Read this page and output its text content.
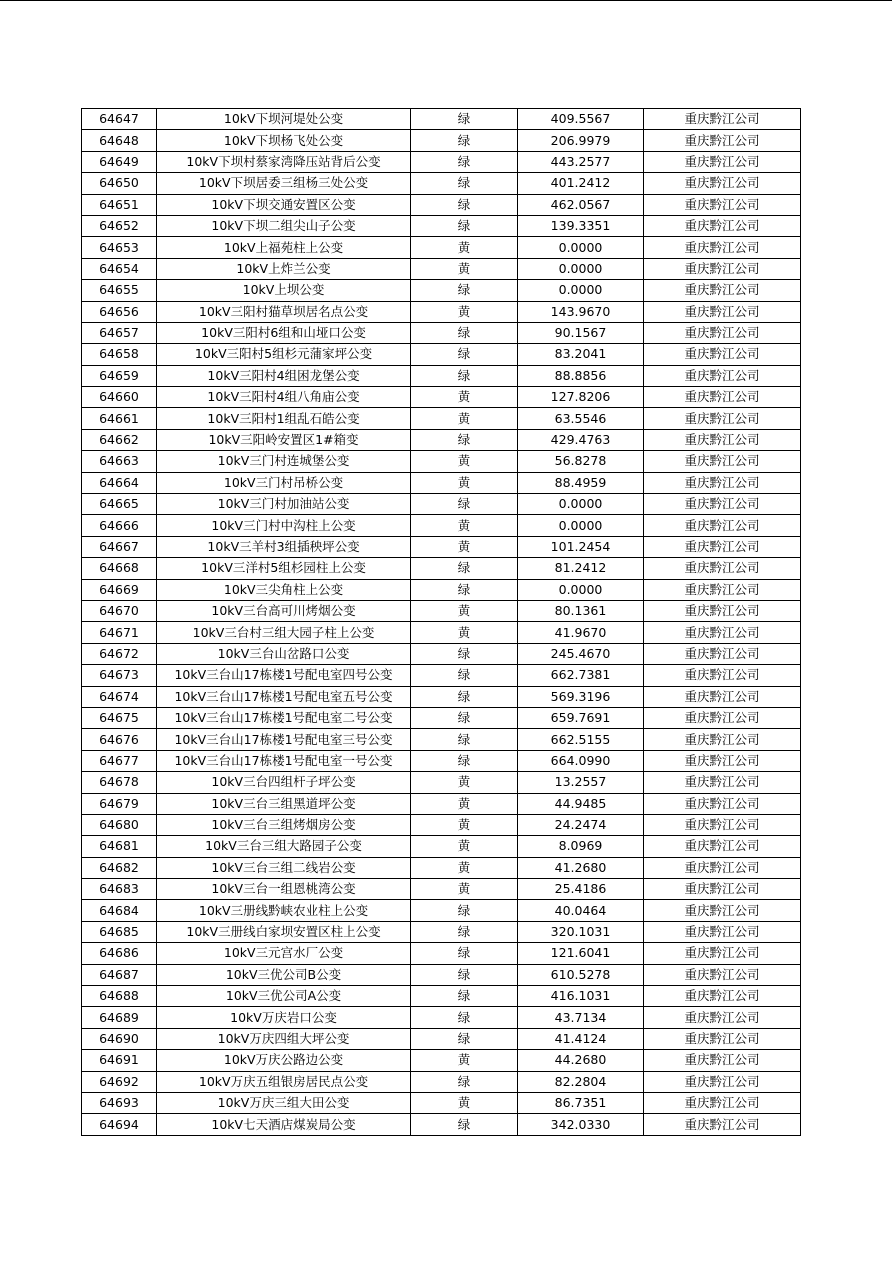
64647	10kV下坝河堤处公变	绿	409.5567	重庆黔江公司
64648	10kV下坝杨飞处公变	绿	206.9979	重庆黔江公司
64649	10kV下坝村蔡家湾降压站背后公变	绿	443.2577	重庆黔江公司
64650	10kV下坝居委三组杨三处公变	绿	401.2412	重庆黔江公司
64651	10kV下坝交通安置区公变	绿	462.0567	重庆黔江公司
64652	10kV下坝二组尖山子公变	绿	139.3351	重庆黔江公司
64653	10kV上福苑柱上公变	黄	0.0000	重庆黔江公司
64654	10kV上炸兰公变	黄	0.0000	重庆黔江公司
64655	10kV上坝公变	绿	0.0000	重庆黔江公司
64656	10kV三阳村猫草坝居名点公变	黄	143.9670	重庆黔江公司
64657	10kV三阳村6组和山垭口公变	绿	90.1567	重庆黔江公司
64658	10kV三阳村5组杉元蒲家坪公变	绿	83.2041	重庆黔江公司
64659	10kV三阳村4组困龙堡公变	绿	88.8856	重庆黔江公司
64660	10kV三阳村4组八角庙公变	黄	127.8206	重庆黔江公司
64661	10kV三阳村1组乱石皓公变	黄	63.5546	重庆黔江公司
64662	10kV三阳岭安置区1#箱变	绿	429.4763	重庆黔江公司
64663	10kV三门村连城堡公变	黄	56.8278	重庆黔江公司
64664	10kV三门村吊桥公变	黄	88.4959	重庆黔江公司
64665	10kV三门村加油站公变	绿	0.0000	重庆黔江公司
64666	10kV三门村中沟柱上公变	黄	0.0000	重庆黔江公司
64667	10kV三羊村3组插秧坪公变	黄	101.2454	重庆黔江公司
64668	10kV三洋村5组杉园柱上公变	绿	81.2412	重庆黔江公司
64669	10kV三尖角柱上公变	绿	0.0000	重庆黔江公司
64670	10kV三台高可川烤烟公变	黄	80.1361	重庆黔江公司
64671	10kV三台村三组大园子柱上公变	黄	41.9670	重庆黔江公司
64672	10kV三台山岔路口公变	绿	245.4670	重庆黔江公司
64673	10kV三台山17栋楼1号配电室四号公变	绿	662.7381	重庆黔江公司
64674	10kV三台山17栋楼1号配电室五号公变	绿	569.3196	重庆黔江公司
64675	10kV三台山17栋楼1号配电室二号公变	绿	659.7691	重庆黔江公司
64676	10kV三台山17栋楼1号配电室三号公变	绿	662.5155	重庆黔江公司
64677	10kV三台山17栋楼1号配电室一号公变	绿	664.0990	重庆黔江公司
64678	10kV三台四组杆子坪公变	黄	13.2557	重庆黔江公司
64679	10kV三台三组黑道坪公变	黄	44.9485	重庆黔江公司
64680	10kV三台三组烤烟房公变	黄	24.2474	重庆黔江公司
64681	10kV三台三组大路园子公变	黄	8.0969	重庆黔江公司
64682	10kV三台三组二线岩公变	黄	41.2680	重庆黔江公司
64683	10kV三台一组恩桃湾公变	黄	25.4186	重庆黔江公司
64684	10kV三册线黔峡农业柱上公变	绿	40.0464	重庆黔江公司
64685	10kV三册线白家坝安置区柱上公变	绿	320.1031	重庆黔江公司
64686	10kV三元宫水厂公变	绿	121.6041	重庆黔江公司
64687	10kV三优公司B公变	绿	610.5278	重庆黔江公司
64688	10kV三优公司A公变	绿	416.1031	重庆黔江公司
64689	10kV万庆岩口公变	绿	43.7134	重庆黔江公司
64690	10kV万庆四组大坪公变	绿	41.4124	重庆黔江公司
64691	10kV万庆公路边公变	黄	44.2680	重庆黔江公司
64692	10kV万庆五组银房居民点公变	绿	82.2804	重庆黔江公司
64693	10kV万庆三组大田公变	黄	86.7351	重庆黔江公司
64694	10kV七天酒店煤炭局公变	绿	342.0330	重庆黔江公司
